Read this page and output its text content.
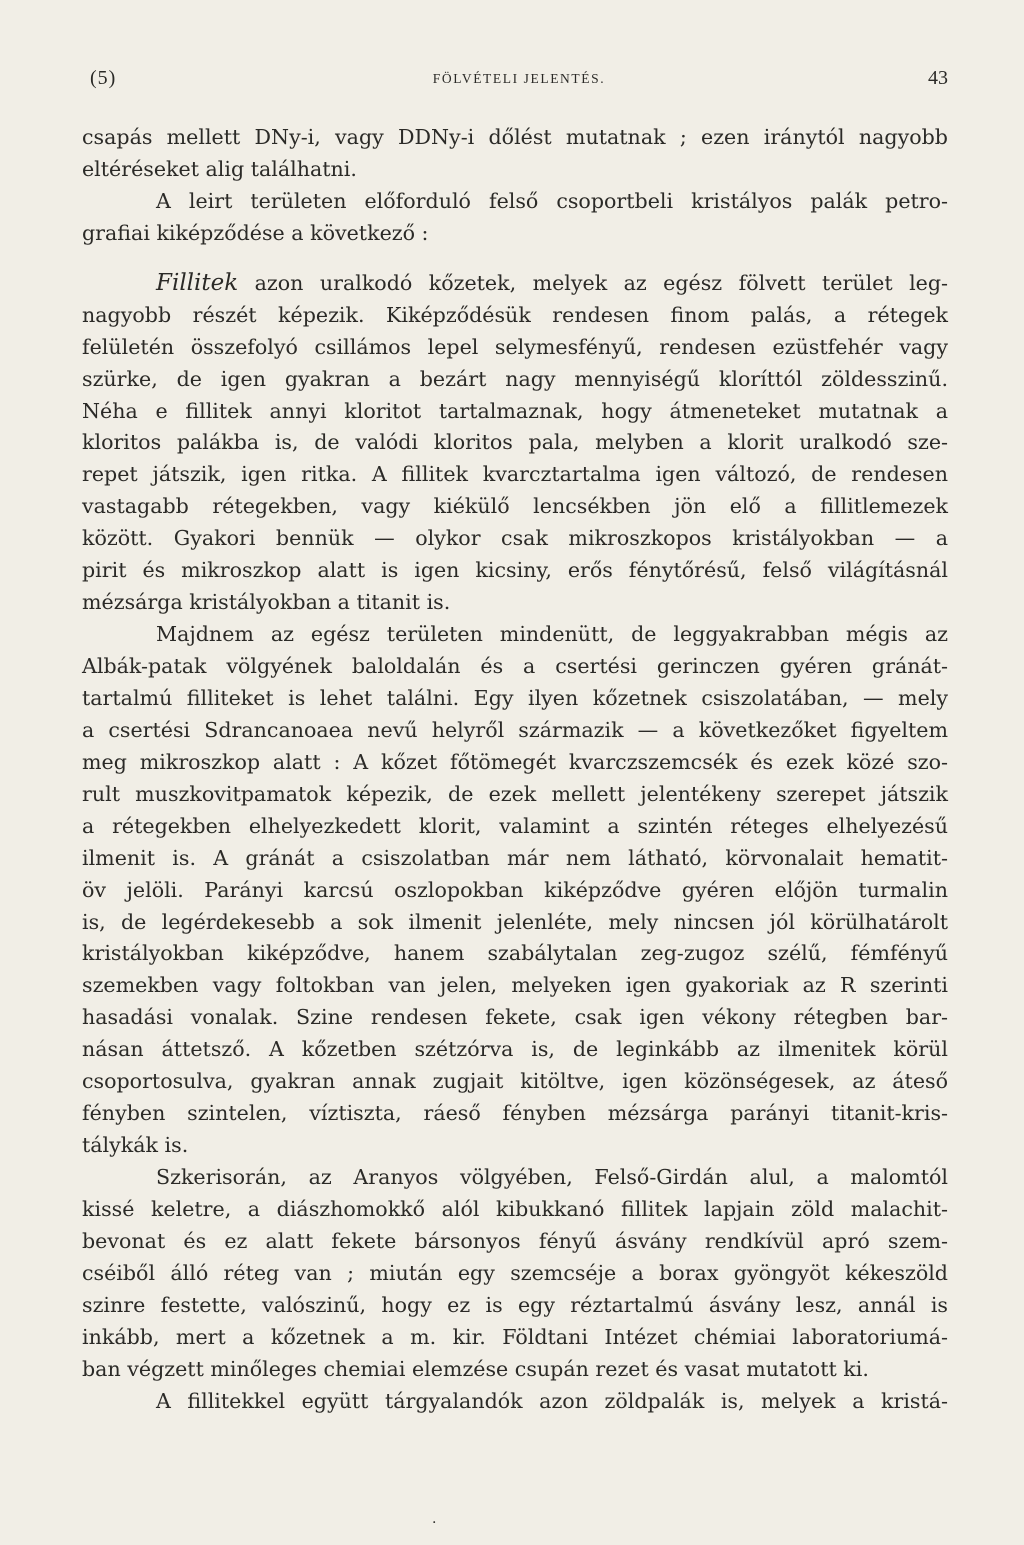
(5)	FÖLVÉTELI JELENTÉS.	43
csapás mellett DNy-i, vagy DDNy-i dőlést mutatnak ; ezen iránytól nagyobb
eltéréseket alig találhatni.
A leirt területen előforduló felső csoportbeli kristályos palák petro-
grafiai kiképződése a következő :
Fillitek azon uralkodó kőzetek, melyek az egész fölvett terület leg-
nagyobb részét képezik. Kiképződésük rendesen finom palás, a rétegek
felületén összefolyó csillámos lepel selymesfényű, rendesen ezüstfehér vagy
szürke, de igen gyakran a bezárt nagy mennyiségű kloríttól zöldesszinű.
Néha e fillitek annyi kloritot tartalmaznak, hogy átmeneteket mutatnak a
kloritos palákba is, de valódi kloritos pala, melyben a klorit uralkodó sze-
repet játszik, igen ritka. A fillitek kvarcztartalma igen változó, de rendesen
vastagabb rétegekben, vagy kiékülő lencsékben jön elő a fillitlemezek
között. Gyakori bennük — olykor csak mikroszkopos kristályokban — a
pirit és mikroszkop alatt is igen kicsiny, erős fénytőrésű, felső világításnál
mézsárga kristályokban a titanit is.
Majdnem az egész területen mindenütt, de leggyakrabban mégis az
Albák-patak völgyének baloldalán és a csertési gerinczen gyéren gránát-
tartalmú filliteket is lehet találni. Egy ilyen kőzetnek csiszolatában, — mely
a csertési Sdrancanoaea nevű helyről származik — a következőket figyeltem
meg mikroszkop alatt : A kőzet főtömegét kvarczszemcsék és ezek közé szo-
rult muszkovitpamatok képezik, de ezek mellett jelentékeny szerepet játszik
a rétegekben elhelyezkedett klorit, valamint a szintén réteges elhelyezésű
ilmenit is. A gránát a csiszolatban már nem látható, körvonalait hematit-
öv jelöli. Parányi karcsú oszlopokban kiképződve gyéren előjön turmalin
is, de legérdekesebb a sok ilmenit jelenléte, mely nincsen jól körülhatárolt
kristályokban kiképződve, hanem szabálytalan zeg-zugoz szélű, fémfényű
szemekben vagy foltokban van jelen, melyeken igen gyakoriak az R szerinti
hasadási vonalak. Szine rendesen fekete, csak igen vékony rétegben bar-
násan áttetsző. A kőzetben szétzórva is, de leginkább az ilmenitek körül
csoportosulva, gyakran annak zugjait kitöltve, igen közönségesek, az áteső
fényben szintelen, víztiszta, ráeső fényben mézsárga parányi titanit-kris-
tálykák is.
Szkerisorán, az Aranyos völgyében, Felső-Girdán alul, a malomtól
kissé keletre, a diászhomokkő alól kibukkanó fillitek lapjain zöld malachit-
bevonat és ez alatt fekete bársonyos fényű ásvány rendkívül apró szem-
cséiből álló réteg van ; miután egy szemcséje a borax gyöngyöt kékeszöld
szinre festette, valószinű, hogy ez is egy réztartalmú ásvány lesz, annál is
inkább, mert a kőzetnek a m. kir. Földtani Intézet chémiai laboratoriumá-
ban végzett minőleges chemiai elemzése csupán rezet és vasat mutatott ki.
A fillitekkel együtt tárgyalandók azon zöldpalák is, melyek a kristá-
·
